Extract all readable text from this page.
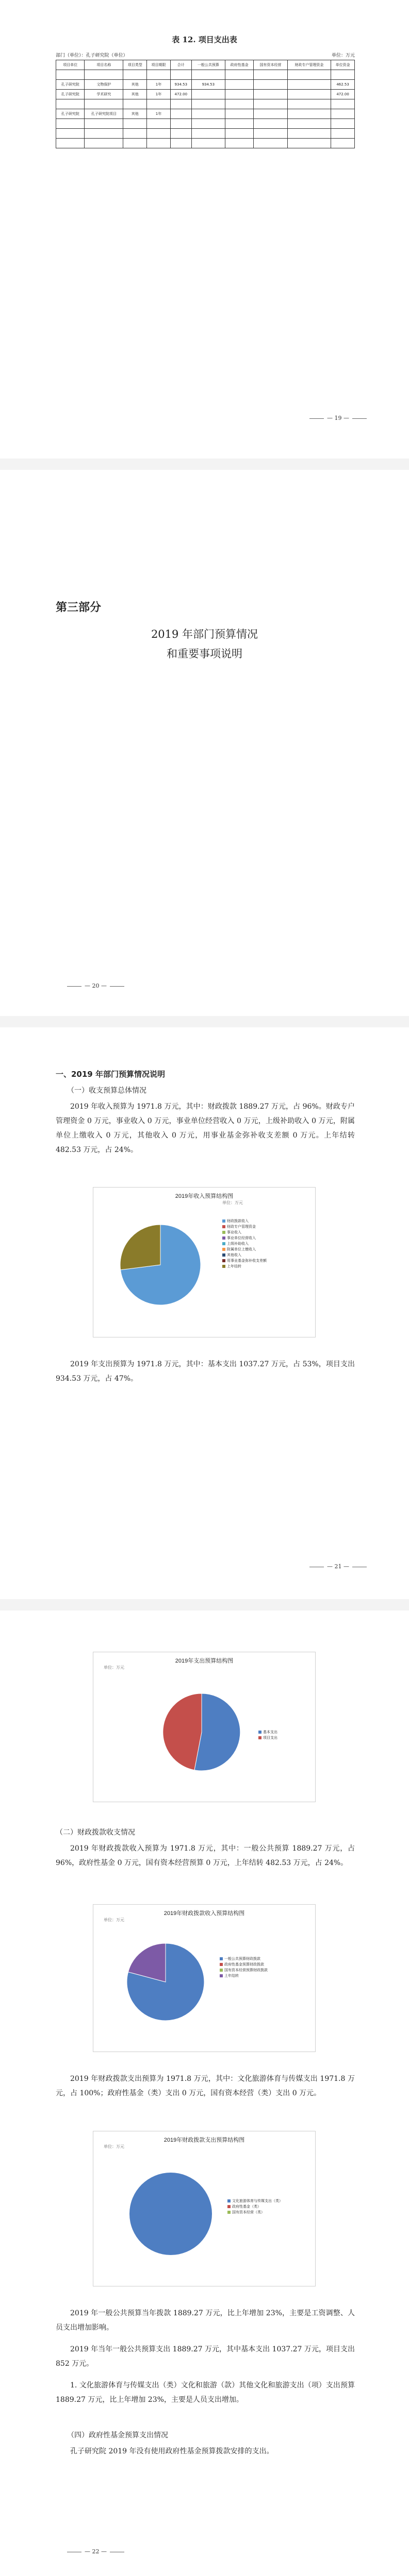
表 12. 项目支出表
部门（单位）：孔子研究院（单位）	单位：万元
项目单位	项目名称	项目类型	项目期限	合计	一般公共预算	政府性基金	国有资本经营	财政专户管理资金	单位资金

孔子研究院	文物保护	其他	1年	934.53	934.53				462.53
孔子研究院	学术研究	其他	1年	472.00					472.00

孔子研究院	孔子研究院项目	其他	1年						

— 19 —
第三部分
2019 年部门预算情况
和重要事项说明
— 20 —
一、2019 年部门预算情况说明
（一）收支预算总体情况
2019 年收入预算为 1971.8 万元，其中：财政拨款 1889.27 万元，占 96%。财政专户管理资金 0 万元，事业收入 0 万元，事业单位经营收入 0 万元，上级补助收入 0 万元，附属单位上缴收入 0 万元，其他收入 0 万元，用事业基金弥补收支差额 0 万元。上年结转 482.53 万元，占 24%。
2019年收入预算结构图
单位：万元
财政拨款收入
财政专户管理资金
事业收入
事业单位经营收入
上级补助收入
附属单位上缴收入
其他收入
用事业基金弥补收支差额
上年结转
2019 年支出预算为 1971.8 万元，其中：基本支出 1037.27 万元，占 53%，项目支出 934.53 万元，占 47%。
— 21 —
2019年支出预算结构图
单位：万元
基本支出
项目支出
（二）财政拨款收支情况
2019 年财政拨款收入预算为 1971.8 万元，其中：一般公共预算 1889.27 万元，占 96%，政府性基金 0 万元，国有资本经营预算 0 万元，上年结转 482.53 万元，占 24%。
2019年财政拨款收入预算结构图
单位：万元
一般公共预算财政拨款
政府性基金预算财政拨款
国有资本经营预算财政拨款
上年结转
2019 年财政拨款支出预算为 1971.8 万元，其中：文化旅游体育与传媒支出 1971.8 万元，占 100%；政府性基金（类）支出 0 万元，国有资本经营（类）支出 0 万元。
2019年财政拨款支出预算结构图
单位：万元
文化旅游体育与传媒支出（类）
政府性基金（类）
国有资本经营（类）
2019 年一般公共预算当年拨款 1889.27 万元，比上年增加 23%，主要是工资调整、人员支出增加影响。
2019 年当年一般公共预算支出 1889.27 万元，其中基本支出 1037.27 万元，项目支出 852 万元。
1. 文化旅游体育与传媒支出（类）文化和旅游（款）其他文化和旅游支出（项）支出预算 1889.27 万元，比上年增加 23%，主要是人员支出增加。
（四）政府性基金预算支出情况
孔子研究院 2019 年没有使用政府性基金预算拨款安排的支出。
— 22 —
